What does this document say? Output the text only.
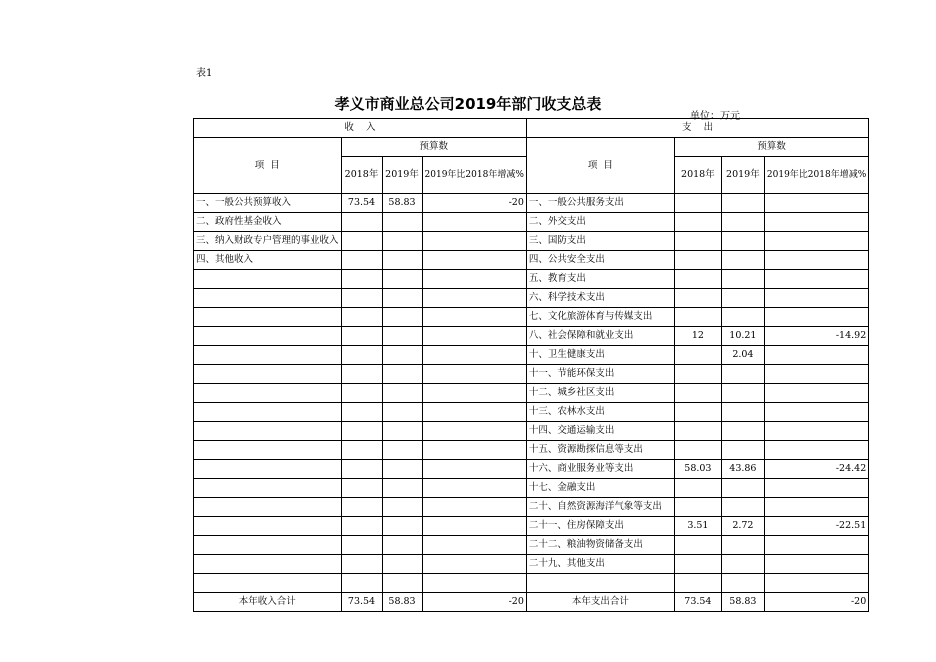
表1
孝义市商业总公司2019年部门收支总表
单位：万元
收    入				支    出			
项  目	预算数			项  目	预算数		
	2018年	2019年	2019年比2018年增减%		2018年	2019年	2019年比2018年增减%
一、一般公共预算收入	73.54	58.83	-20	一、一般公共服务支出			
二、政府性基金收入				二、外交支出			
三、纳入财政专户管理的事业收入				三、国防支出			
四、其他收入				四、公共安全支出			
				五、教育支出			
				六、科学技术支出			
				七、文化旅游体育与传媒支出			
				八、社会保障和就业支出	12	10.21	-14.92
				十、卫生健康支出		2.04	
				十一、节能环保支出			
				十二、城乡社区支出			
				十三、农林水支出			
				十四、交通运输支出			
				十五、资源勘探信息等支出			
				十六、商业服务业等支出	58.03	43.86	-24.42
				十七、金融支出			
				二十、自然资源海洋气象等支出			
				二十一、住房保障支出	3.51	2.72	-22.51
				二十二、粮油物资储备支出			
				二十九、其他支出			

本年收入合计	73.54	58.83	-20	本年支出合计	73.54	58.83	-20
